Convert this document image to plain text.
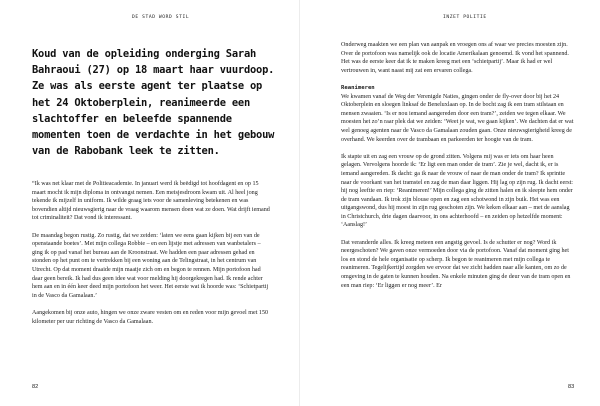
DE STAD WORD STIL

Koud van de opleiding onderging Sarah Bahraoui (27) op 18 maart haar vuurdoop. Ze was als eerste agent ter plaatse op het 24 Oktoberplein, reanimeerde een slachtoffer en beleefde spannende momenten toen de verdachte in het gebouw van de Rabobank leek te zitten.

“Ik was net klaar met de Politieacademie. In januari werd ik beëdigd tot hoofdagent en op 15 maart mocht ik mijn diploma in ontvangst nemen. Een meisjesdroom kwam uit. Al heel jong tekende ik mijzelf in uniform. Ik wilde graag iets voor de samenleving betekenen en was bovendien altijd nieuwsgierig naar de vraag waarom mensen doen wat ze doen. Wat drijft iemand tot criminaliteit? Dat vond ik interessant.

De maandag begon rustig. Zo rustig, dat we zeiden: ‘laten we eens gaan kijken bij een van de openstaande boetes’. Met mijn collega Robbie – en een lijstje met adressen van wanbetalers – ging ik op pad vanaf het bureau aan de Kroonstraat. We hadden een paar adressen gehad en stonden op het punt om te vertrekken bij een woning aan de Telingstraat, in het centrum van Utrecht. Op dat moment draaide mijn maatje zich om en begon te rennen. Mijn portofoon had daar geen bereik. Ik had dus geen idee wat voor melding hij doorgekregen had. Ik rende achter hem aan en in één keer deed mijn portofoon het weer. Het eerste wat ik hoorde was: ‘Schietpartij in de Vasco da Gamalaan.’

Aangekomen bij onze auto, hingen we onze zware vesten om en reden voor mijn gevoel met 150 kilometer per uur richting de Vasco da Gamalaan.

82
INZET POLITIE

Onderweg maakten we een plan van aanpak en vroegen ons af waar we precies moesten zijn. Over de portofoon was namelijk ook de locatie Amerikalaan genoemd. Ik vond het spannend. Het was de eerste keer dat ik te maken kreeg met een ‘schietpartij’. Maar ik had er wel vertrouwen in, want naast mij zat een ervaren collega.

Reanimeren

We kwamen vanaf de Weg der Verenigde Naties, gingen onder de fly-over door bij het 24 Oktoberplein en sloegen linksaf de Beneluxlaan op. In de bocht zag ik een tram stilstaan en mensen zwaaien. ‘Is er nou iemand aangereden door een tram?’, zeiden we tegen elkaar. We moesten het zo’n raar plek dat we zeiden: ‘Weet je wat, we gaan kijken’. We dachten dat er wat wel genoeg agenten naar de Vasco da Gamalaan zouden gaan. Onze nieuwsgierigheid kreeg de overhand. We keerden over de trambaan en parkeerden ter hoogte van de tram.

Ik stapte uit en zag een vrouw op de grond zitten. Volgens mij was er iets om haar heen gelagen. Vervolgens hoorde ik: ‘Er ligt een man onder de tram’. Zie je wel, dacht ik, er is iemand aangereden. Ik dacht: ga ik naar de vrouw of naar de man onder de tram? Ik sprintte naar de voorkant van het tramstel en zag de man daar liggen. Hij lag op zijn rug. Ik dacht eerst: hij nog leeftie en riep: ‘Reanimeren!’ Mijn collega ging de zitten halen en ik sleepte hem onder de tram vandaan. Ik trok zijn blouse open en zag een schotwond in zijn buik. Het was een uitgangswond, dus hij moest in zijn rug geschoten zijn. We keken elkaar aan – met de aanslag in Christchurch, drie dagen daarvoor, in ons achterhoofd – en zeiden op hetzelfde moment: ‘Aanslag!’

Dat veranderde alles. Ik kreeg meteen een angstig gevoel. Is de schutter er nog? Word ik neergeschoten? We gaven onze vermoeden door via de portofoon. Vanaf dat moment ging het los en stond de hele organisatie op scherp. Ik begon te reanimeren met mijn collega te reanimeren. Tegelijkertijd zorgden we ervoor dat we zicht hadden naar alle kanten, om zo de omgeving in de gaten te kunnen houden. Na enkele minuten ging de deur van de tram open en een man riep: ‘Er liggen er nog meer’. Er

83
